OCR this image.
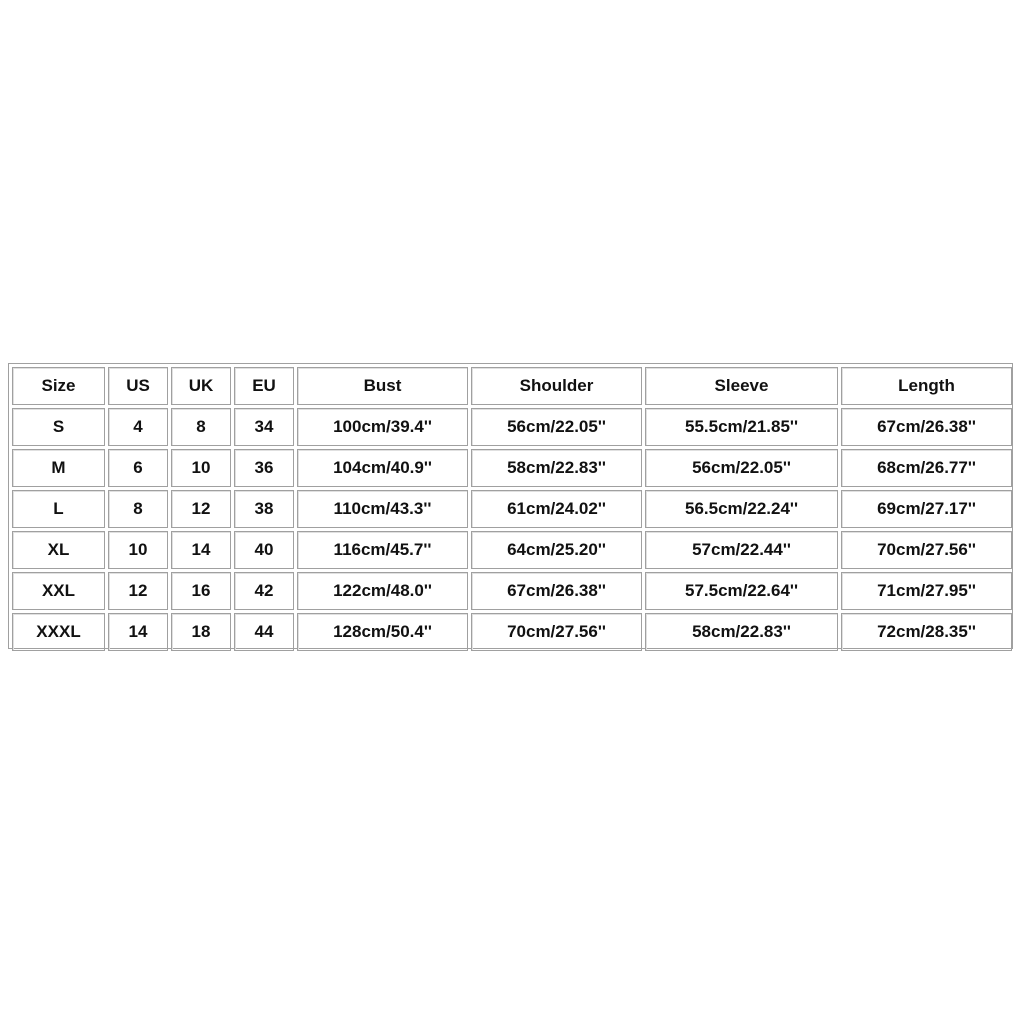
Size	US	UK	EU	Bust	Shoulder	Sleeve	Length
S	4	8	34	100cm/39.4''	56cm/22.05''	55.5cm/21.85''	67cm/26.38''
M	6	10	36	104cm/40.9''	58cm/22.83''	56cm/22.05''	68cm/26.77''
L	8	12	38	110cm/43.3''	61cm/24.02''	56.5cm/22.24''	69cm/27.17''
XL	10	14	40	116cm/45.7''	64cm/25.20''	57cm/22.44''	70cm/27.56''
XXL	12	16	42	122cm/48.0''	67cm/26.38''	57.5cm/22.64''	71cm/27.95''
XXXL	14	18	44	128cm/50.4''	70cm/27.56''	58cm/22.83''	72cm/28.35''
